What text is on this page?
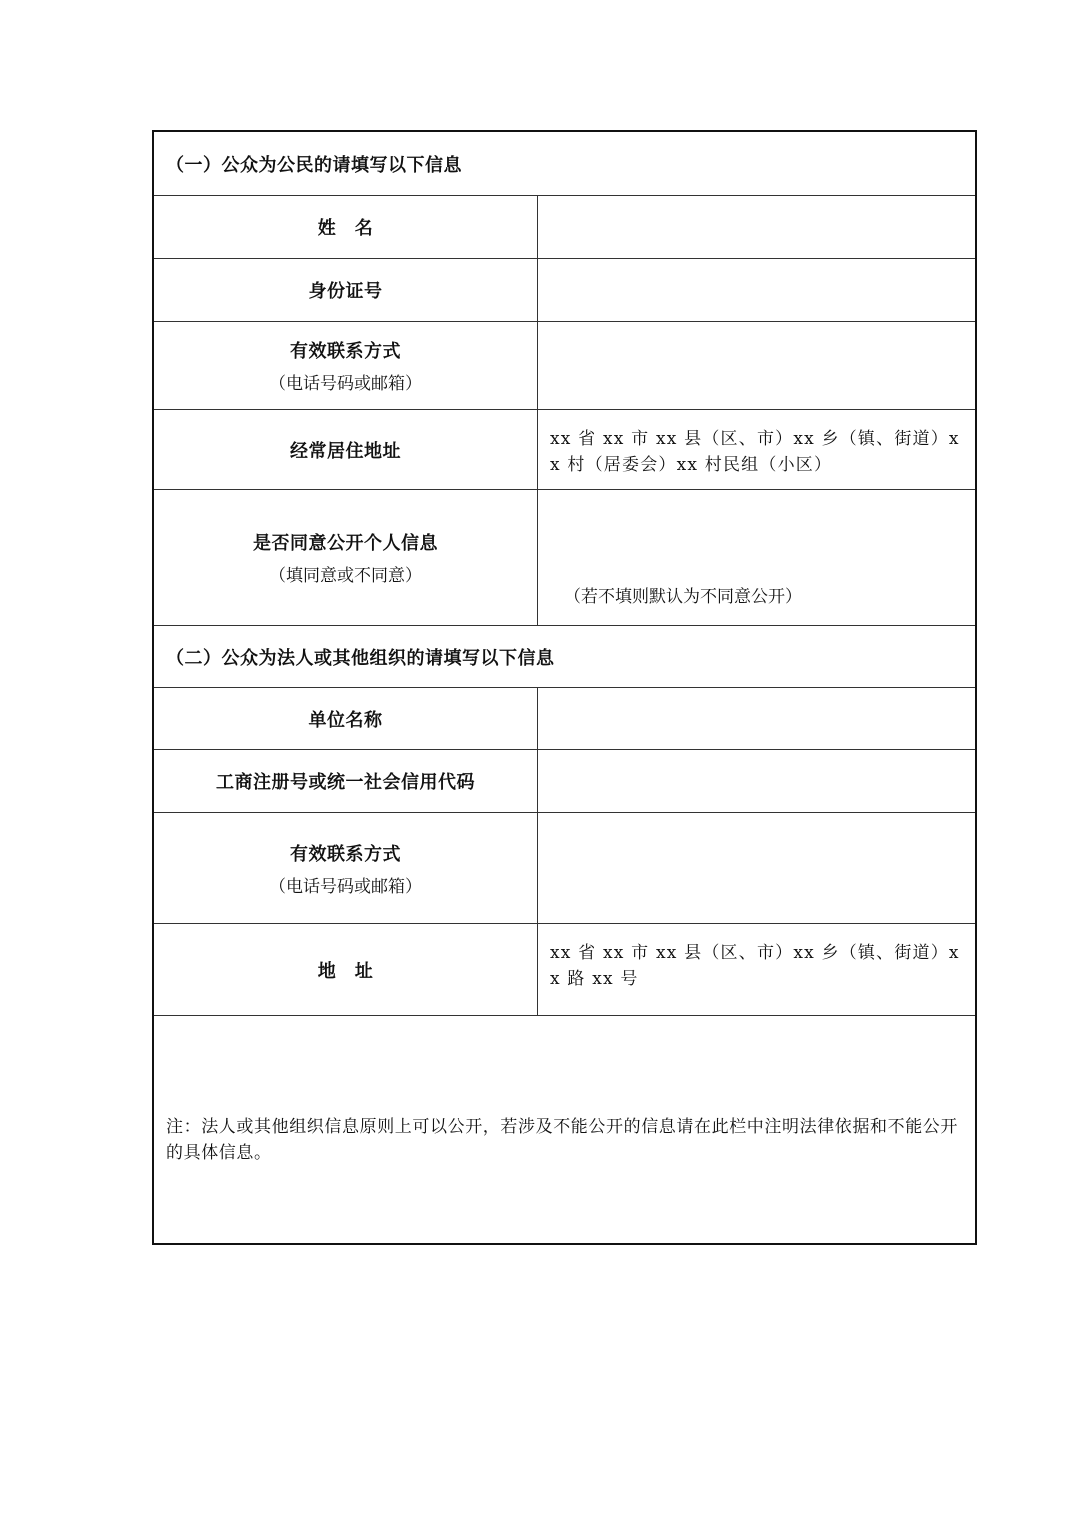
（一）公众为公民的请填写以下信息
姓　名
身份证号
有效联系方式
（电话号码或邮箱）
经常居住地址
xx 省 xx 市 xx 县（区、市）xx 乡（镇、街道）xx 村（居委会）xx 村民组（小区）
是否同意公开个人信息
（填同意或不同意）
（若不填则默认为不同意公开）
（二）公众为法人或其他组织的请填写以下信息
单位名称
工商注册号或统一社会信用代码
有效联系方式
（电话号码或邮箱）
地　址
xx 省 xx 市 xx 县（区、市）xx 乡（镇、街道）xx 路 xx 号
注：法人或其他组织信息原则上可以公开，若涉及不能公开的信息请在此栏中注明法律依据和不能公开的具体信息。
